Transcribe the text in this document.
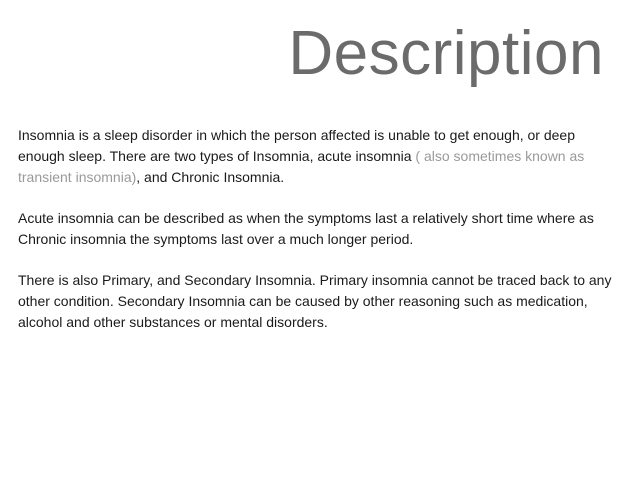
Description

Insomnia is a sleep disorder in which the person affected is unable to get enough, or deep enough sleep. There are two types of Insomnia, acute insomnia ( also sometimes known as transient insomnia), and Chronic Insomnia.

Acute insomnia can be described as when the symptoms last a relatively short time where as Chronic insomnia the symptoms last over a much longer period.

There is also Primary, and Secondary Insomnia. Primary insomnia cannot be traced back to any other condition. Secondary Insomnia can be caused by other reasoning such as medication, alcohol and other substances or mental disorders.
